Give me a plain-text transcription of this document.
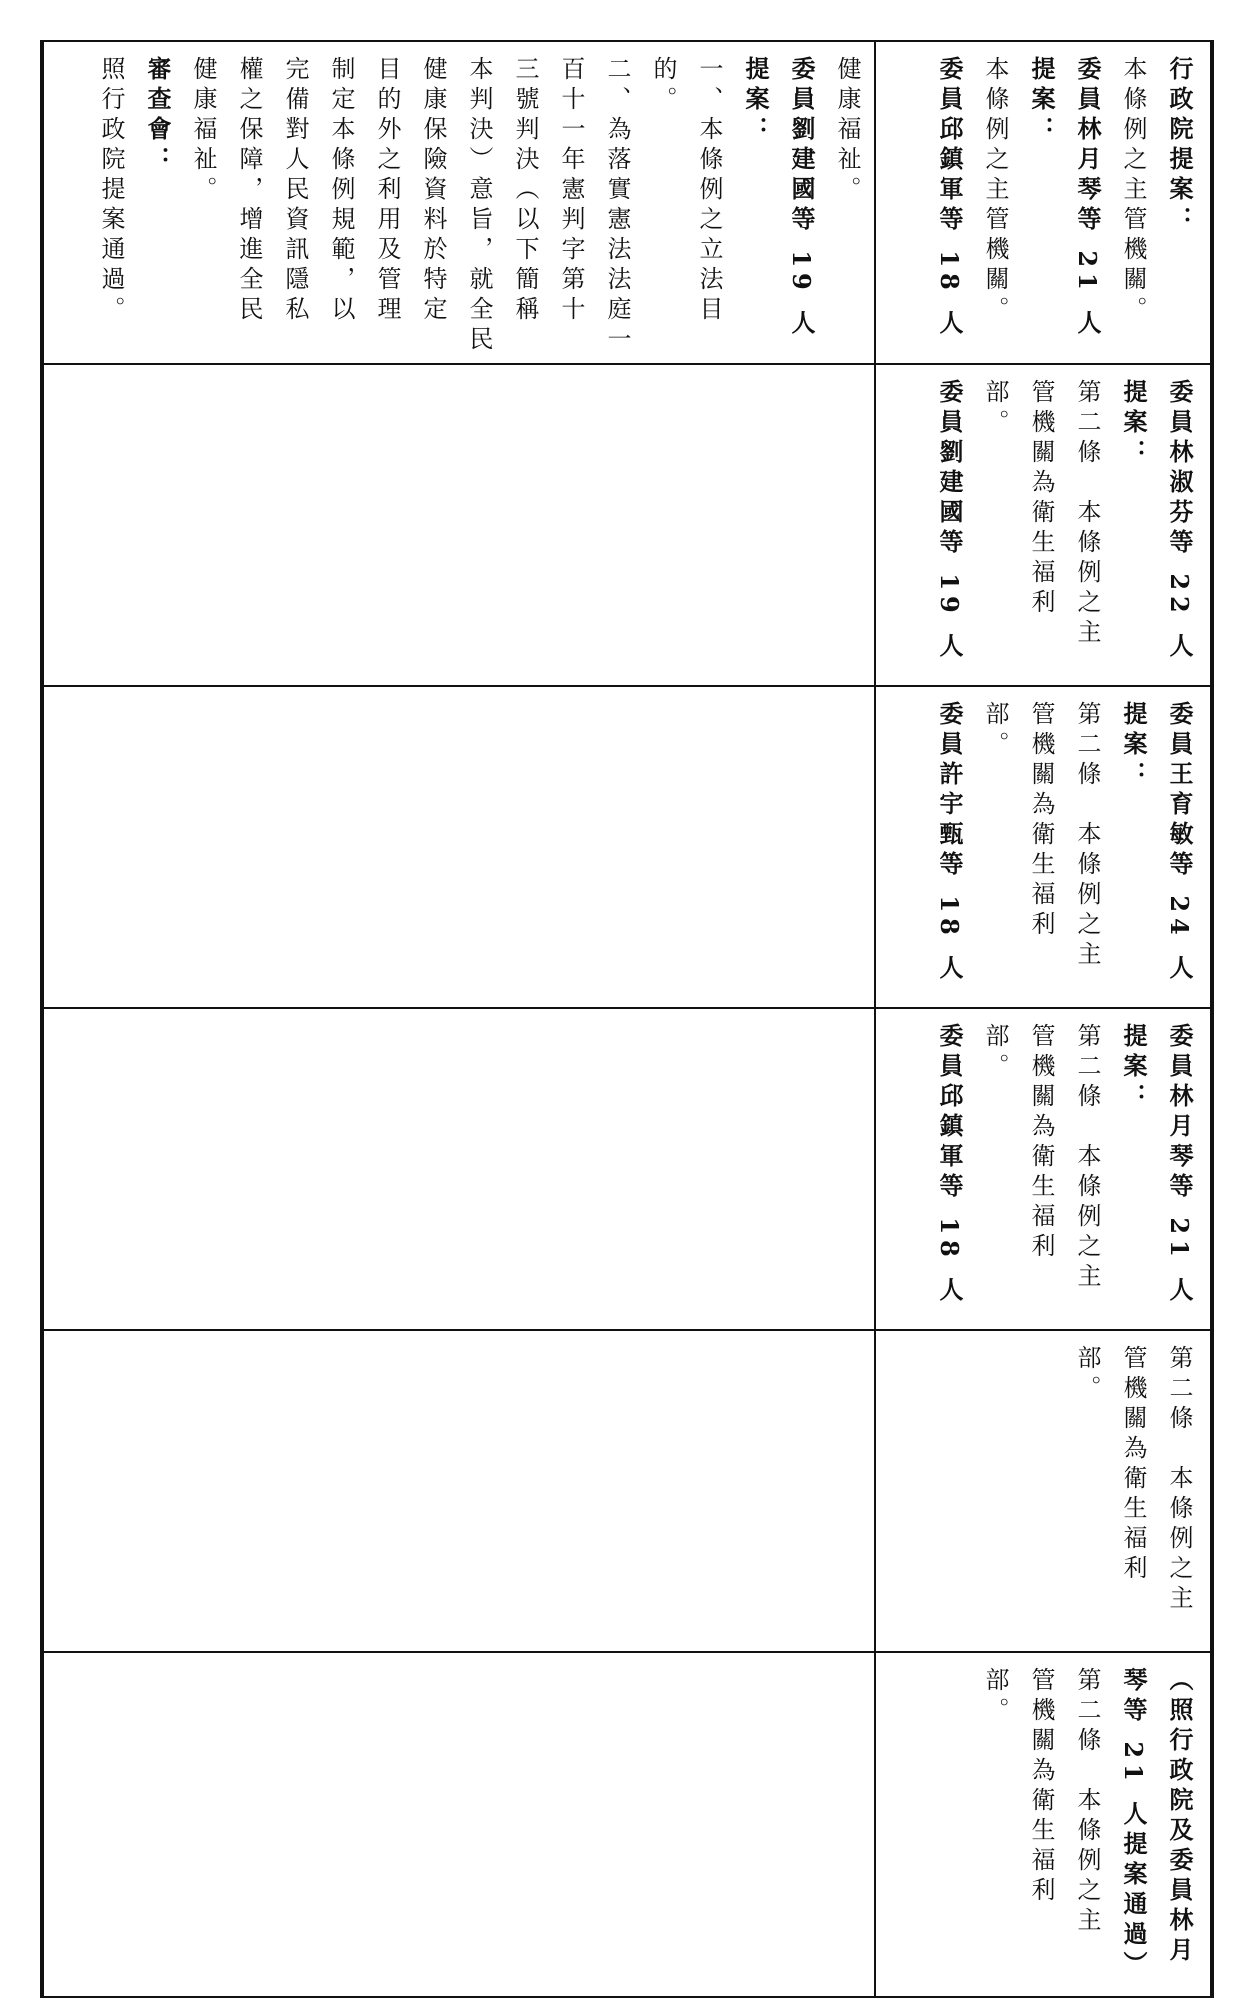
健康福祉。
委員劉建國等 19 人
提案：
一、本條例之立法目的。
二、為落實憲法法庭一
百十一年憲判字第十
三號判決（以下簡稱
本判決）意旨，就全民
健康保險資料於特定
目的外之利用及管理
制定本條例規範，以
完備對人民資訊隱私
權之保障，增進全民
健康福祉。
審查會：
照行政院提案通過。	行政院提案：
本條例之主管機關。
委員林月琴等 21 人
提案：
本條例之主管機關。
委員邱鎮軍等 18 人
委員林淑芬等 22 人
提案：
第二條　本條例之主
管機關為衛生福利
部。
委員劉建國等 19 人
委員王育敏等 24 人
提案：
第二條　本條例之主
管機關為衛生福利
部。
委員許宇甄等 18 人
委員林月琴等 21 人
提案：
第二條　本條例之主
管機關為衛生福利
部。
委員邱鎮軍等 18 人
第二條　本條例之主
管機關為衛生福利
部。
（照行政院及委員林月
琴等 21 人提案通過）
第二條　本條例之主
管機關為衛生福利
部。
